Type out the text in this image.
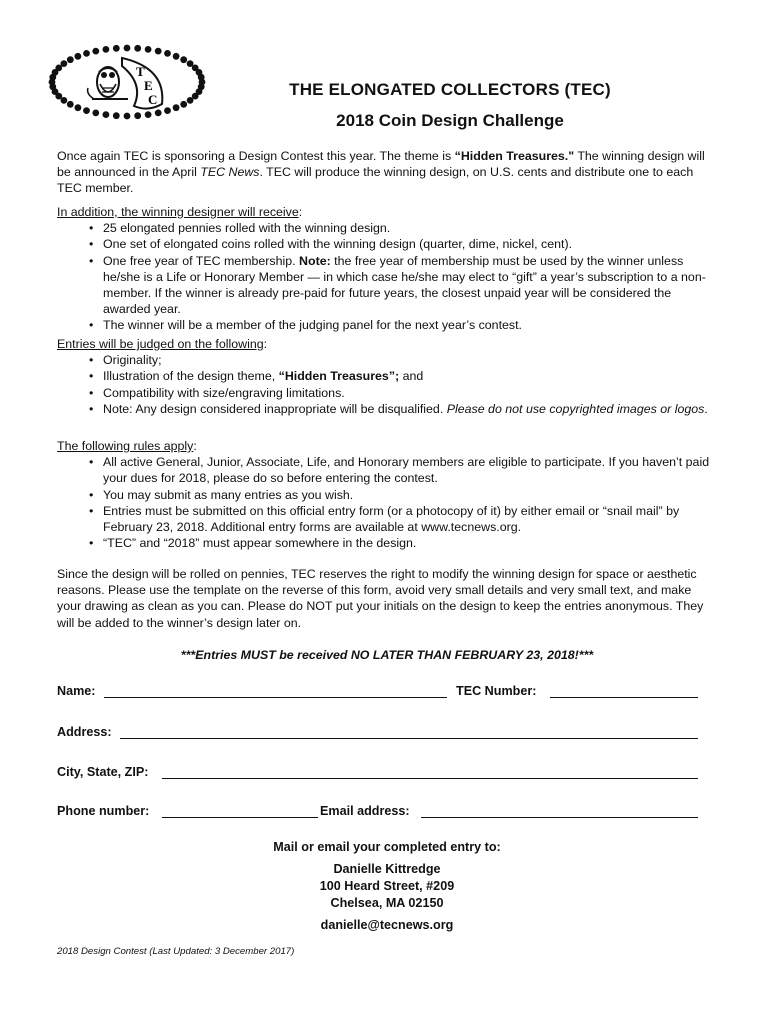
T
E
C
THE ELONGATED COLLECTORS (TEC)
2018 Coin Design Challenge
Once again TEC is sponsoring a Design Contest this year. The theme is “Hidden Treasures." The winning design will be announced in the April TEC News. TEC will produce the winning design, on U.S. cents and distribute one to each TEC member.
In addition, the winning designer will receive:
• 25 elongated pennies rolled with the winning design.
• One set of elongated coins rolled with the winning design (quarter, dime, nickel, cent).
• One free year of TEC membership. Note: the free year of membership must be used by the winner unless he/she is a Life or Honorary Member — in which case he/she may elect to “gift” a year’s subscription to a non-member. If the winner is already pre-paid for future years, the closest unpaid year will be considered the awarded year.
• The winner will be a member of the judging panel for the next year’s contest.
Entries will be judged on the following:
• Originality;
• Illustration of the design theme, “Hidden Treasures”; and
• Compatibility with size/engraving limitations.
• Note: Any design considered inappropriate will be disqualified. Please do not use copyrighted images or logos.
The following rules apply:
• All active General, Junior, Associate, Life, and Honorary members are eligible to participate. If you haven’t paid your dues for 2018, please do so before entering the contest.
• You may submit as many entries as you wish.
• Entries must be submitted on this official entry form (or a photocopy of it) by either email or “snail mail” by February 23, 2018. Additional entry forms are available at www.tecnews.org.
• “TEC” and “2018” must appear somewhere in the design.
Since the design will be rolled on pennies, TEC reserves the right to modify the winning design for space or aesthetic reasons. Please use the template on the reverse of this form, avoid very small details and very small text, and make your drawing as clean as you can. Please do NOT put your initials on the design to keep the entries anonymous. They will be added to the winner’s design later on.
***Entries MUST be received NO LATER THAN FEBRUARY 23, 2018!***
Name:	TEC Number:
Address:
City, State, ZIP:
Phone number:	Email address:
Mail or email your completed entry to:
Danielle Kittredge
100 Heard Street, #209
Chelsea, MA 02150
danielle@tecnews.org
2018 Design Contest (Last Updated: 3 December 2017)
